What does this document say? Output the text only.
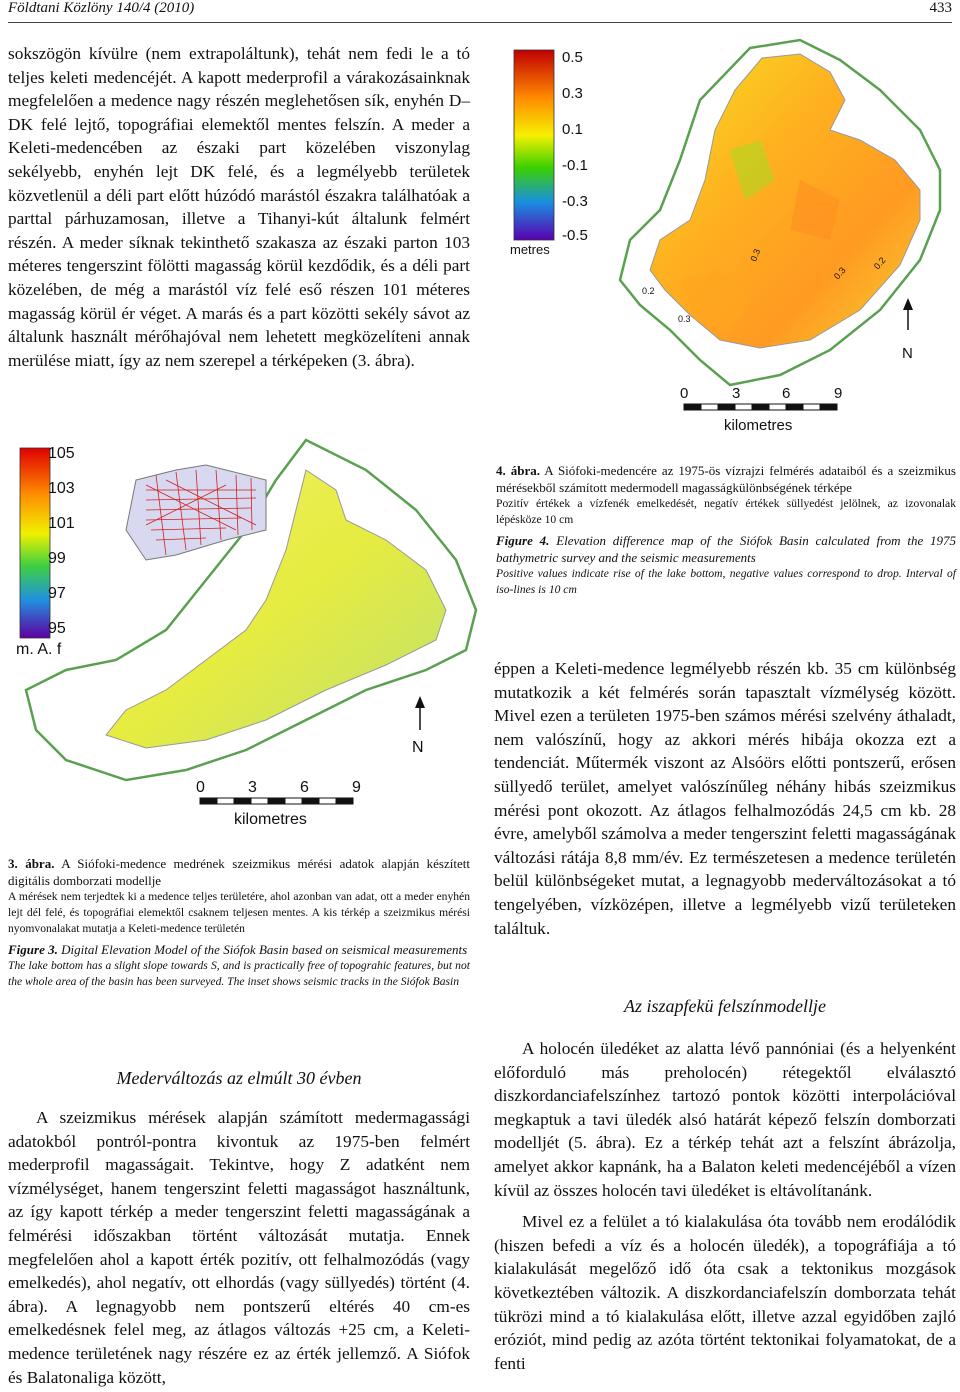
Földtani Közlöny 140/4 (2010)	433

sokszögön kívülre (nem extrapoláltunk), tehát nem fedi le a tó teljes keleti medencéjét. A kapott mederprofil a várakozásainknak megfelelően a medence nagy részén meglehetősen sík, enyhén D–DK felé lejtő, topográfiai elemektől mentes felszín. A meder a Keleti-medencében az északi part közelében viszonylag sekélyebb, enyhén lejt DK felé, és a legmélyebb területek közvetlenül a déli part előtt húzódó marástól északra találhatóak a parttal párhuzamosan, illetve a Tihanyi-kút általunk felmért részén. A meder síknak tekinthető szakasza az északi parton 103 méteres tengerszint fölötti magasság körül kezdődik, és a déli part közelében, de még a marástól víz felé eső részen 101 méteres magasság körül ér véget. A marás és a part közötti sekély sávot az általunk használt mérőhajóval nem lehetett megközelíteni annak merülése miatt, így az nem szerepel a térképeken (3. ábra).

0.5
0.3
0.1
-0.1
-0.3
-0.5
metres	0.3
0.3
0.2
0.2
0.3
N
0	3	6	9
kilometres
105
103
101
99
97
95
m. A. f
N
0	3	6	9
kilometres
4. ábra. A Siófoki-medencére az 1975-ös vízrajzi felmérés adataiból és a szeizmikus mérésekből számított medermodell magasságkülönbségének térképe
Pozitív értékek a vízfenék emelkedését, negatív értékek süllyedést jelölnek, az izovonalak lépésköze 10 cm
Figure 4. Elevation difference map of the Siófok Basin calculated from the 1975 bathymetric survey and the seismic measurements
Positive values indicate rise of the lake bottom, negative values correspond to drop. Interval of iso-lines is 10 cm

éppen a Keleti-medence legmélyebb részén kb. 35 cm különbség mutatkozik a két felmérés során tapasztalt vízmélység között. Mivel ezen a területen 1975-ben számos mérési szelvény áthaladt, nem valószínű, hogy az akkori mérés hibája okozza ezt a tendenciát. Műtermék viszont az Alsóörs előtti pontszerű, erősen süllyedő terület, amelyet valószínűleg néhány hibás szeizmikus mérési pont okozott. Az átlagos felhalmozódás 24,5 cm kb. 28 évre, amelyből számolva a meder tengerszint feletti magasságának változási rátája 8,8 mm/év. Ez természetesen a medence területén belül különbségeket mutat, a legnagyobb mederváltozásokat a tó tengelyében, vízközépen, illetve a legmélyebb vizű területeken találtuk.

Az iszapfekü felszínmodellje

A holocén üledéket az alatta lévő pannóniai (és a helyenként előforduló más preholocén) rétegektől elválasztó diszkordanciafelszínhez tartozó pontok közötti interpolációval megkaptuk a tavi üledék alsó határát képező felszín domborzati modelljét (5. ábra). Ez a térkép tehát azt a felszínt ábrázolja, amelyet akkor kapnánk, ha a Balaton keleti medencéjéből a vízen kívül az összes holocén tavi üledéket is eltávolítanánk.

Mivel ez a felület a tó kialakulása óta tovább nem erodálódik (hiszen befedi a víz és a holocén üledék), a topográfiája a tó kialakulását megelőző idő óta csak a tektonikus mozgások következtében változik. A diszkordanciafelszín domborzata tehát tükrözi mind a tó kialakulása előtt, illetve azzal egyidőben zajló eróziót, mind pedig az azóta történt tektonikai folyamatokat, de a fenti

3. ábra. A Siófoki-medence medrének szeizmikus mérési adatok alapján készített digitális domborzati modellje
A mérések nem terjedtek ki a medence teljes területére, ahol azonban van adat, ott a meder enyhén lejt dél felé, és topográfiai elemektől csaknem teljesen mentes. A kis térkép a szeizmikus mérési nyomvonalakat mutatja a Keleti-medence területén
Figure 3. Digital Elevation Model of the Siófok Basin based on seismical measurements
The lake bottom has a slight slope towards S, and is practically free of topograhic features, but not the whole area of the basin has been surveyed. The inset shows seismic tracks in the Siófok Basin
Mederváltozás az elmúlt 30 évben

A szeizmikus mérések alapján számított medermagassági adatokból pontról-pontra kivontuk az 1975-ben felmért mederprofil magasságait. Tekintve, hogy Z adatként nem vízmélységet, hanem tengerszint feletti magasságot használtunk, az így kapott térkép a meder tengerszint feletti magasságának a felmérési időszakban történt változását mutatja. Ennek megfelelően ahol a kapott érték pozitív, ott felhalmozódás (vagy emelkedés), ahol negatív, ott elhordás (vagy süllyedés) történt (4. ábra). A legnagyobb nem pontszerű eltérés 40 cm-es emelkedésnek felel meg, az átlagos változás +25 cm, a Keleti-medence területének nagy részére ez az érték jellemző. A Siófok és Balatonaliga között,
